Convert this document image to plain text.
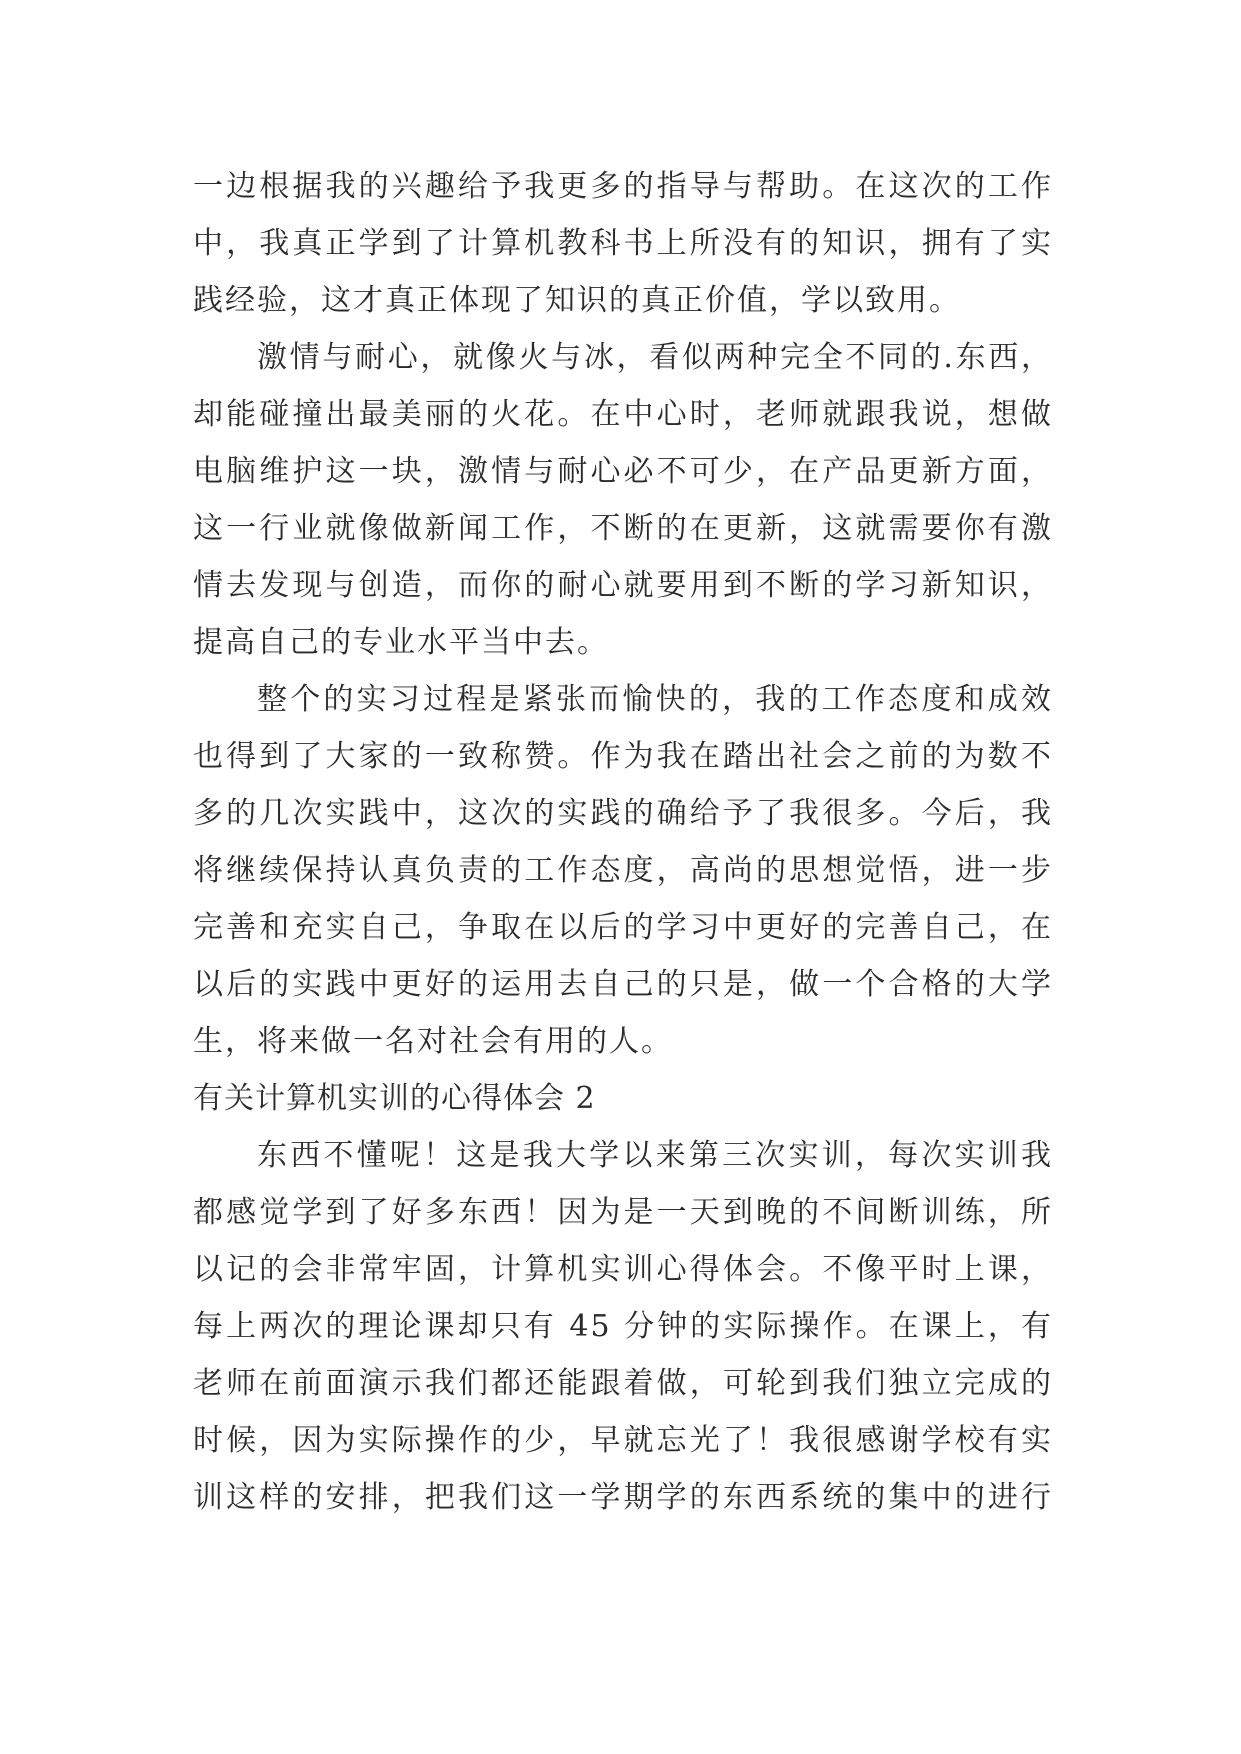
一边根据我的兴趣给予我更多的指导与帮助。在这次的工作
中，我真正学到了计算机教科书上所没有的知识，拥有了实
践经验，这才真正体现了知识的真正价值，学以致用。
激情与耐心，就像火与冰，看似两种完全不同的.东西，
却能碰撞出最美丽的火花。在中心时，老师就跟我说，想做
电脑维护这一块，激情与耐心必不可少，在产品更新方面，
这一行业就像做新闻工作，不断的在更新，这就需要你有激
情去发现与创造，而你的耐心就要用到不断的学习新知识，
提高自己的专业水平当中去。
整个的实习过程是紧张而愉快的，我的工作态度和成效
也得到了大家的一致称赞。作为我在踏出社会之前的为数不
多的几次实践中，这次的实践的确给予了我很多。今后，我
将继续保持认真负责的工作态度，高尚的思想觉悟，进一步
完善和充实自己，争取在以后的学习中更好的完善自己，在
以后的实践中更好的运用去自己的只是，做一个合格的大学
生，将来做一名对社会有用的人。
有关计算机实训的心得体会 2
东西不懂呢！这是我大学以来第三次实训，每次实训我
都感觉学到了好多东西！因为是一天到晚的不间断训练，所
以记的会非常牢固，计算机实训心得体会。不像平时上课，
每上两次的理论课却只有 45 分钟的实际操作。在课上，有
老师在前面演示我们都还能跟着做，可轮到我们独立完成的
时候，因为实际操作的少，早就忘光了！我很感谢学校有实
训这样的安排，把我们这一学期学的东西系统的集中的进行
